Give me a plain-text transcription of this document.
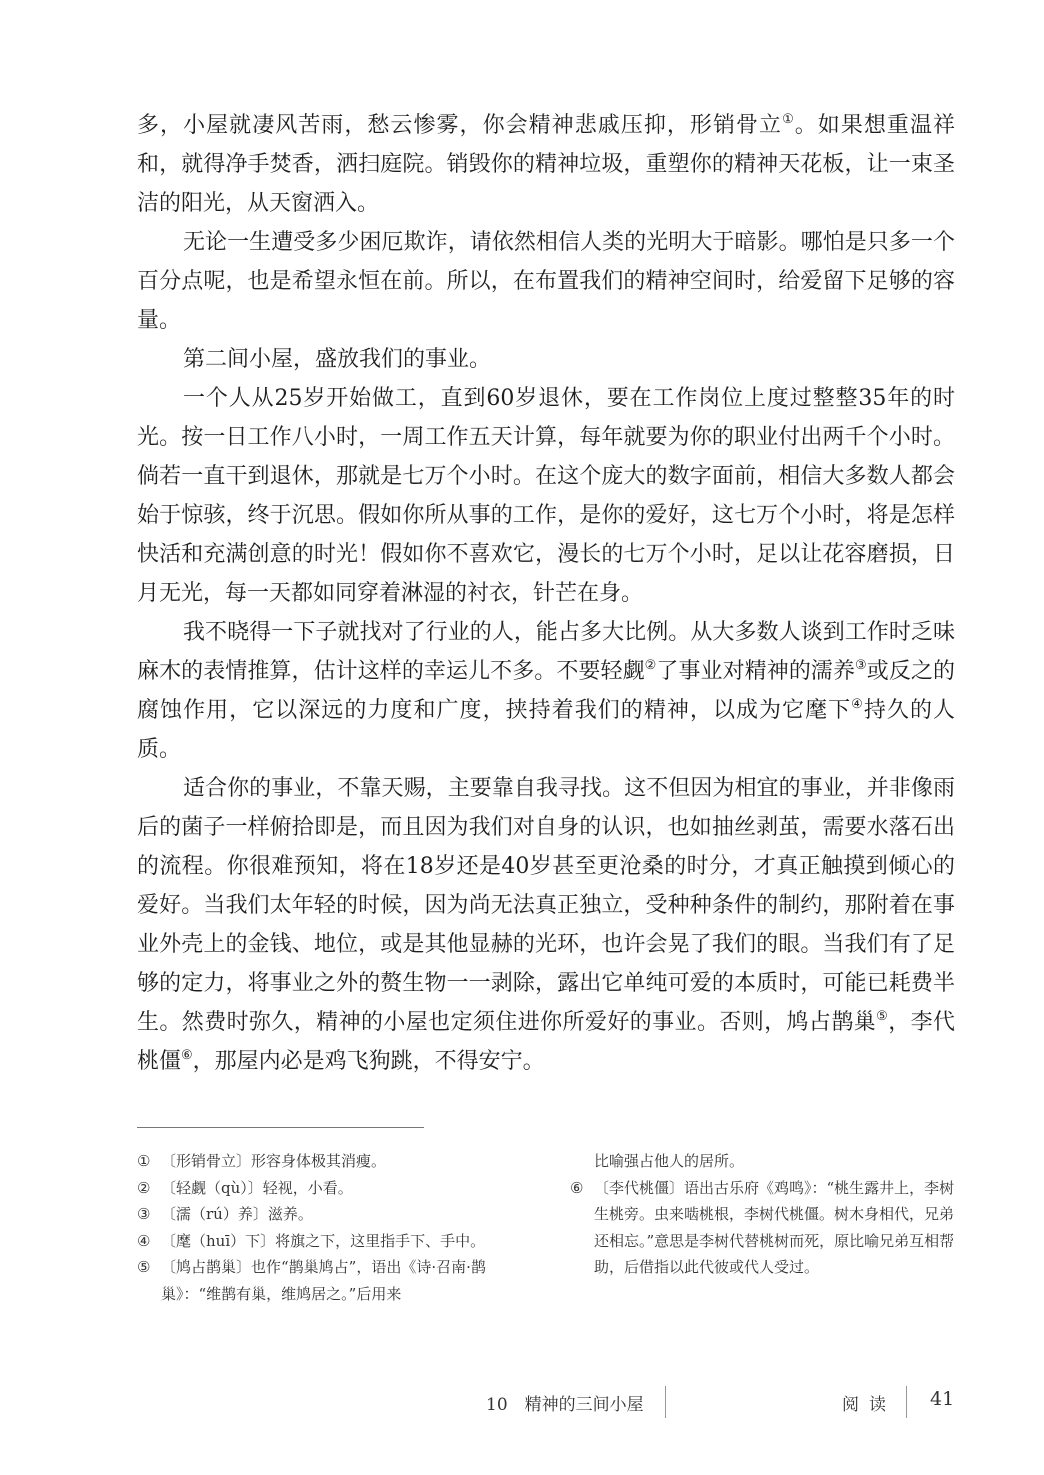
多，小屋就凄风苦雨，愁云惨雾，你会精神悲戚压抑，形销骨立①。如果想重温祥和，就得净手焚香，洒扫庭院。销毁你的精神垃圾，重塑你的精神天花板，让一束圣洁的阳光，从天窗洒入。

无论一生遭受多少困厄欺诈，请依然相信人类的光明大于暗影。哪怕是只多一个百分点呢，也是希望永恒在前。所以，在布置我们的精神空间时，给爱留下足够的容量。

第二间小屋，盛放我们的事业。

一个人从25岁开始做工，直到60岁退休，要在工作岗位上度过整整35年的时光。按一日工作八小时，一周工作五天计算，每年就要为你的职业付出两千个小时。倘若一直干到退休，那就是七万个小时。在这个庞大的数字面前，相信大多数人都会始于惊骇，终于沉思。假如你所从事的工作，是你的爱好，这七万个小时，将是怎样快活和充满创意的时光！假如你不喜欢它，漫长的七万个小时，足以让花容磨损，日月无光，每一天都如同穿着淋湿的衬衣，针芒在身。

我不晓得一下子就找对了行业的人，能占多大比例。从大多数人谈到工作时乏味麻木的表情推算，估计这样的幸运儿不多。不要轻觑②了事业对精神的濡养③或反之的腐蚀作用，它以深远的力度和广度，挟持着我们的精神，以成为它麾下④持久的人质。

适合你的事业，不靠天赐，主要靠自我寻找。这不但因为相宜的事业，并非像雨后的菌子一样俯拾即是，而且因为我们对自身的认识，也如抽丝剥茧，需要水落石出的流程。你很难预知，将在18岁还是40岁甚至更沧桑的时分，才真正触摸到倾心的爱好。当我们太年轻的时候，因为尚无法真正独立，受种种条件的制约，那附着在事业外壳上的金钱、地位，或是其他显赫的光环，也许会晃了我们的眼。当我们有了足够的定力，将事业之外的赘生物一一剥除，露出它单纯可爱的本质时，可能已耗费半生。然费时弥久，精神的小屋也定须住进你所爱好的事业。否则，鸠占鹊巢⑤，李代桃僵⑥，那屋内必是鸡飞狗跳，不得安宁。

① 〔形销骨立〕形容身体极其消瘦。

② 〔轻觑（qù）〕轻视，小看。

③ 〔濡（rú）养〕滋养。

④ 〔麾（huī）下〕将旗之下，这里指手下、手中。

⑤ 〔鸠占鹊巢〕也作“鹊巢鸠占”，语出《诗·召南·鹊巢》：“维鹊有巢，维鸠居之。”后用来

比喻强占他人的居所。

⑥ 〔李代桃僵〕语出古乐府《鸡鸣》：“桃生露井上，李树生桃旁。虫来啮桃根，李树代桃僵。树木身相代，兄弟还相忘。”意思是李树代替桃树而死，原比喻兄弟互相帮助，后借指以此代彼或代人受过。

10　精神的三间小屋	阅读 41
